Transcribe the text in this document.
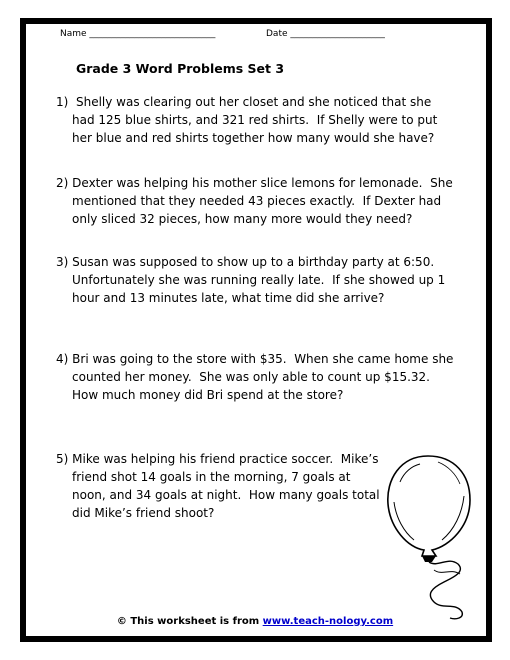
Name ____________________________	Date _____________________
Grade 3 Word Problems Set 3
1) Shelly was clearing out her closet and she noticed that she
had 125 blue shirts, and 321 red shirts.  If Shelly were to put
her blue and red shirts together how many would she have?
2) Dexter was helping his mother slice lemons for lemonade.  She
mentioned that they needed 43 pieces exactly.  If Dexter had
only sliced 32 pieces, how many more would they need?
3) Susan was supposed to show up to a birthday party at 6:50.
Unfortunately she was running really late.  If she showed up 1
hour and 13 minutes late, what time did she arrive?
4) Bri was going to the store with $35.  When she came home she
counted her money.  She was only able to count up $15.32.
How much money did Bri spend at the store?
5) Mike was helping his friend practice soccer.  Mike’s
friend shot 14 goals in the morning, 7 goals at
noon, and 34 goals at night.  How many goals total
did Mike’s friend shoot?
© This worksheet is from www.teach-nology.com
